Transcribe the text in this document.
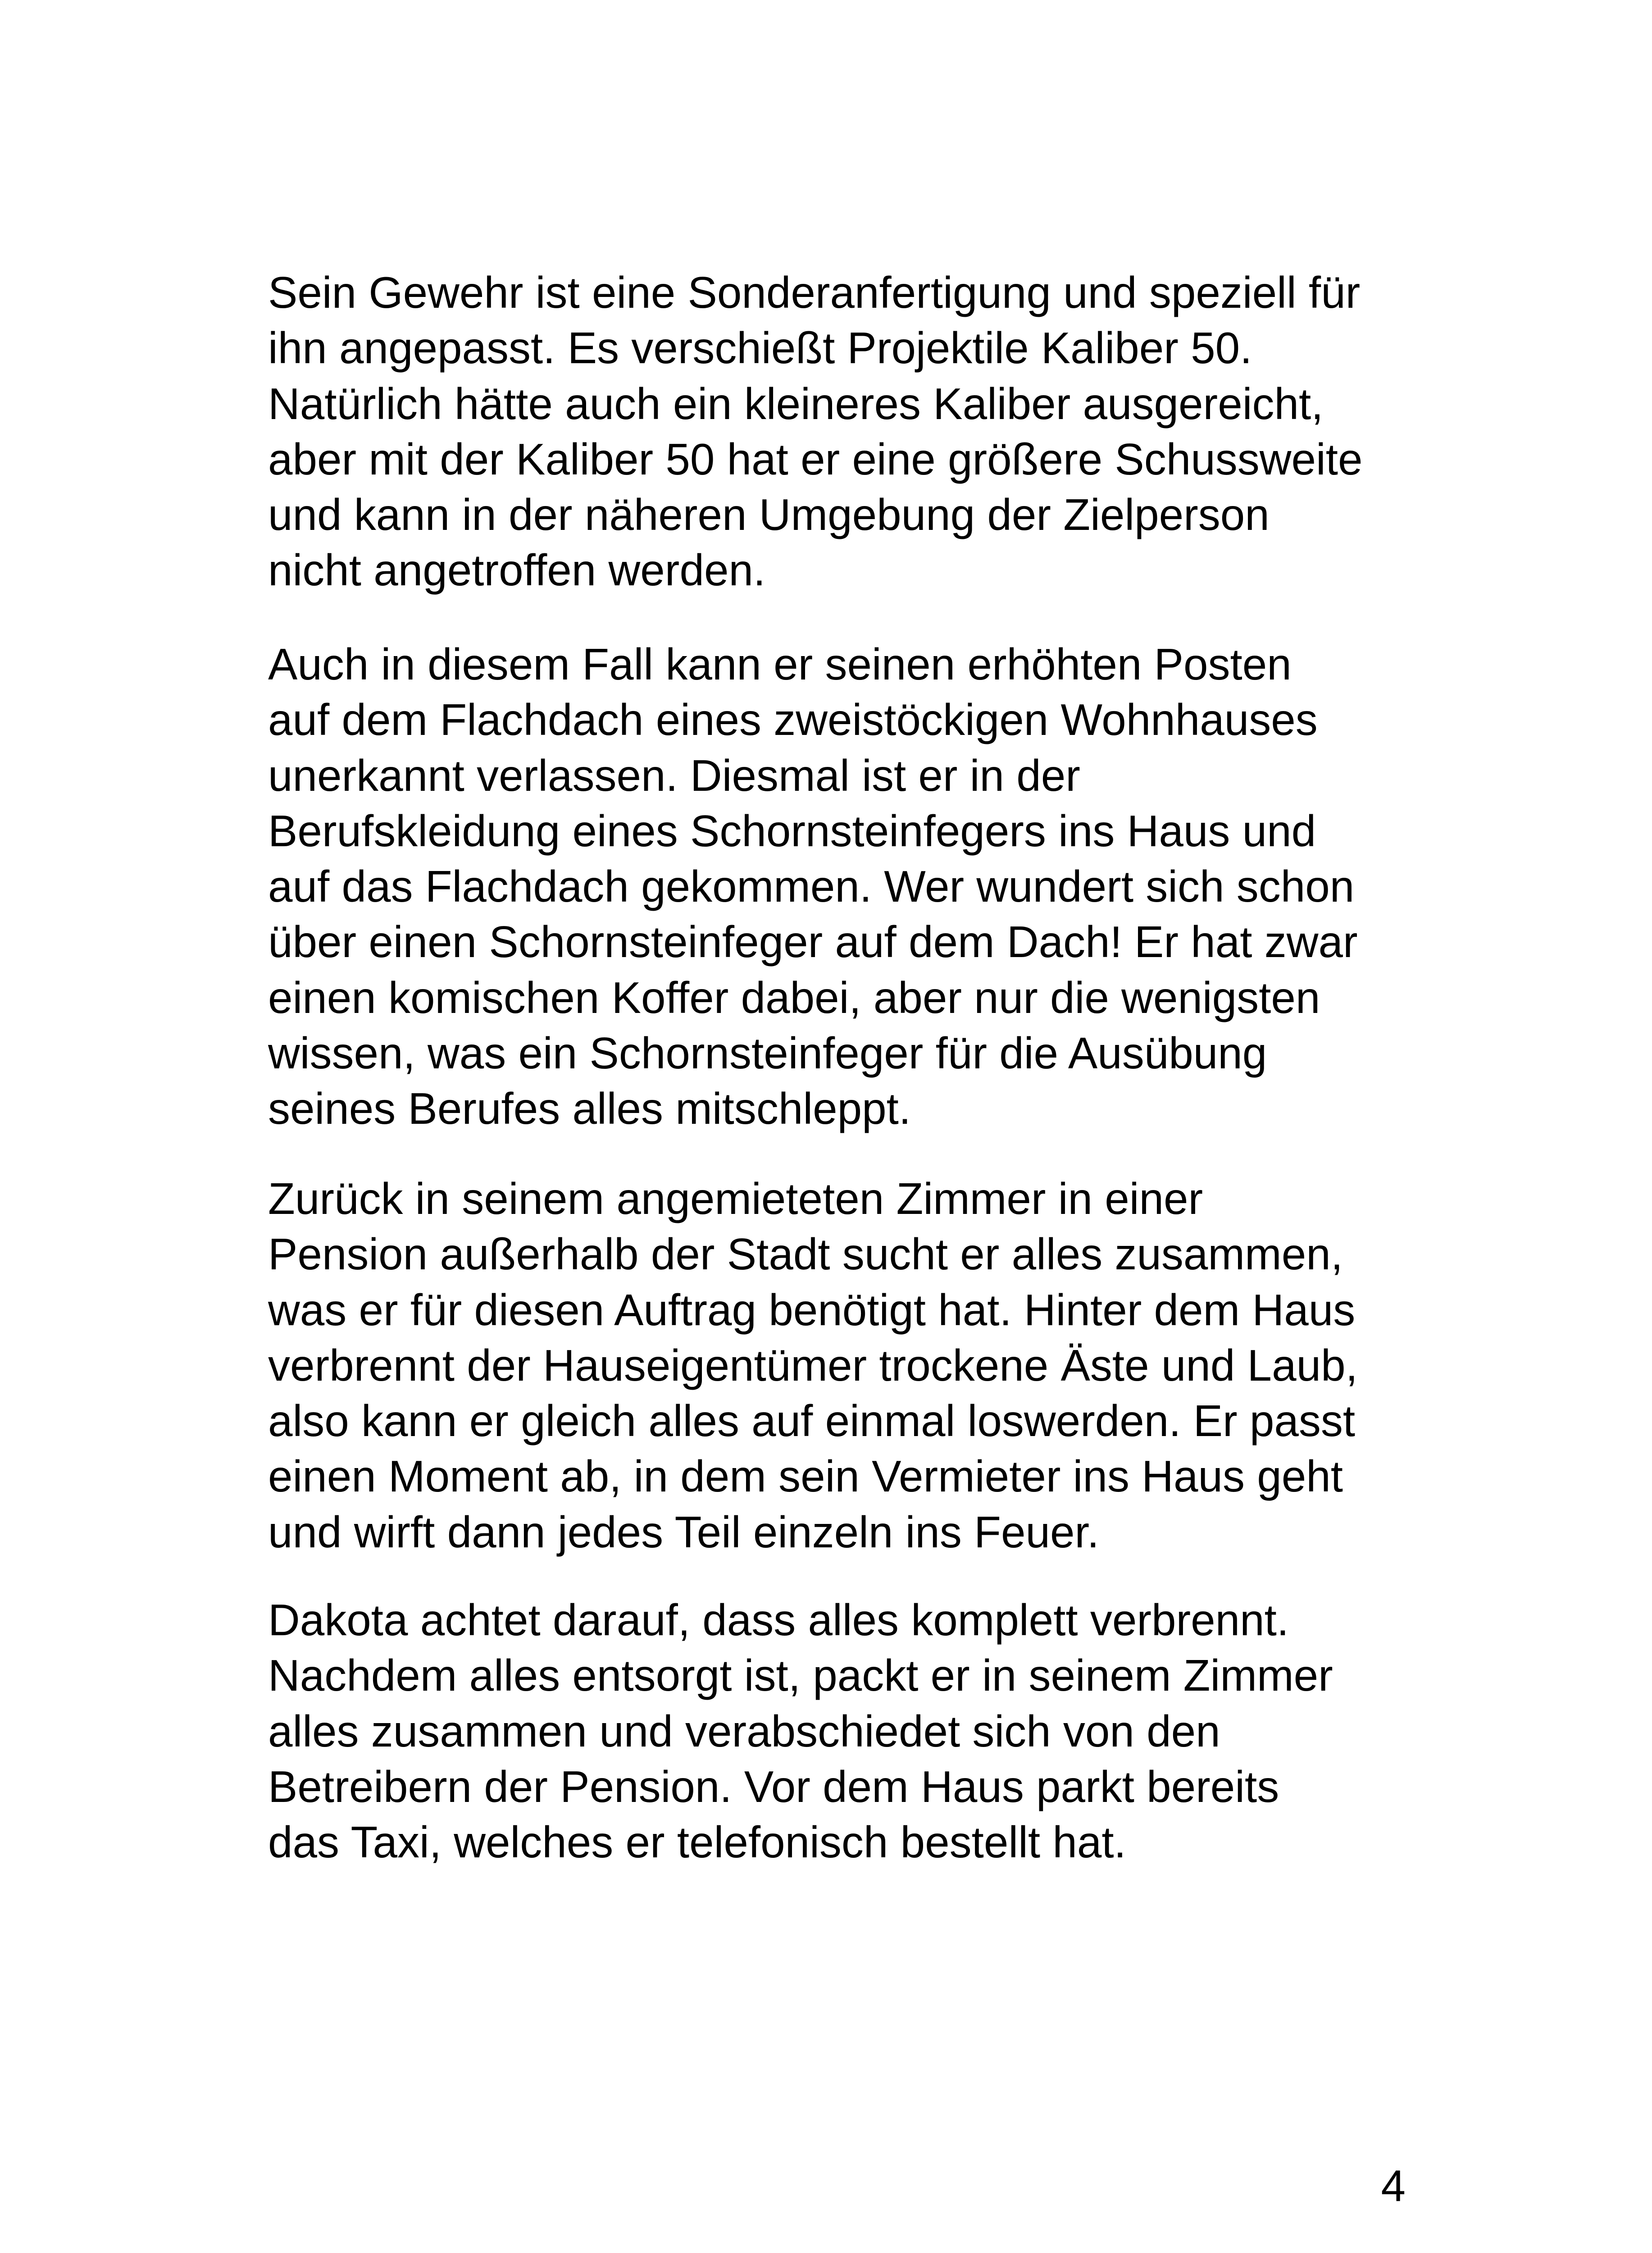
Sein Gewehr ist eine Sonderanfertigung und speziell für
ihn angepasst. Es verschießt Projektile Kaliber 50.
Natürlich hätte auch ein kleineres Kaliber ausgereicht,
aber mit der Kaliber 50 hat er eine größere Schussweite
und kann in der näheren Umgebung der Zielperson
nicht angetroffen werden.

Auch in diesem Fall kann er seinen erhöhten Posten
auf dem Flachdach eines zweistöckigen Wohnhauses
unerkannt verlassen. Diesmal ist er in der
Berufskleidung eines Schornsteinfegers ins Haus und
auf das Flachdach gekommen. Wer wundert sich schon
über einen Schornsteinfeger auf dem Dach! Er hat zwar
einen komischen Koffer dabei, aber nur die wenigsten
wissen, was ein Schornsteinfeger für die Ausübung
seines Berufes alles mitschleppt.

Zurück in seinem angemieteten Zimmer in einer
Pension außerhalb der Stadt sucht er alles zusammen,
was er für diesen Auftrag benötigt hat. Hinter dem Haus
verbrennt der Hauseigentümer trockene Äste und Laub,
also kann er gleich alles auf einmal loswerden. Er passt
einen Moment ab, in dem sein Vermieter ins Haus geht
und wirft dann jedes Teil einzeln ins Feuer.

Dakota achtet darauf, dass alles komplett verbrennt.
Nachdem alles entsorgt ist, packt er in seinem Zimmer
alles zusammen und verabschiedet sich von den
Betreibern der Pension. Vor dem Haus parkt bereits
das Taxi, welches er telefonisch bestellt hat.

4
